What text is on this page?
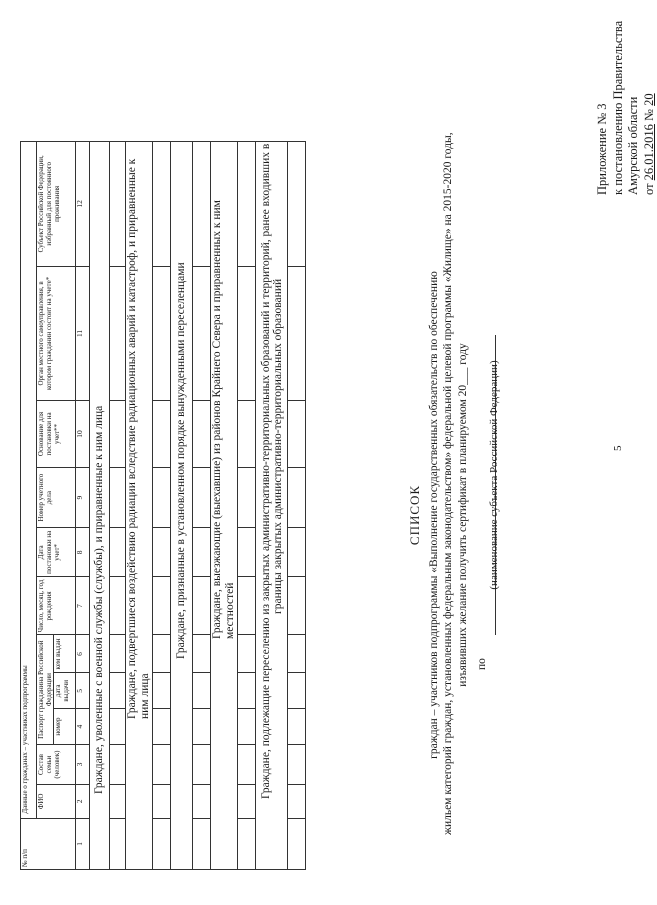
5
Приложение № 3 к постановлению Правительства Амурской области от 26.01.2016 № 20
СПИСОК граждан – участников подпрограммы «Выполнение государственных обязательств по обеспечению жильем категорий граждан, установленных федеральным законодательством» федеральной целевой программы «Жилище» на 2015-2020 годы, изъявивших желание получить сертификат в планируемом 20___ году по
(наименование субъекта Российской Федерации)
№ п/п	Данные о гражданах – участниках подпрограммы										
	ФИО	Состав семьи (человек)	Паспорт гражданина Российской Федерации			Число, месяц, год рождения	Дата постановки на учет*	Номер учетного дела	Основание для постановки на учет**	Орган местного самоуправления, в котором гражданин состоит на учете*	Субъект Российской Федерации, избранный для постоянного проживания
			номер	дата выдачи	кем выдан						
1	2	3	4	5	6	7	8	9	10	11	12
Граждане, уволенные с военной службы (службы), и приравненные к ним лица											

Граждане, подвергшиеся воздействию радиации вследствие радиационных аварий и катастроф, и приравненные к ним лица											

Граждане, признанные в установленном порядке вынужденными переселенцами											

Граждане, выезжающие (выехавшие) из районов Крайнего Севера и приравненных к ним местностей											

Граждане, подлежащие переселению из закрытых административно-территориальных образований и территорий, ранее входивших в границы закрытых административно-территориальных образований											
